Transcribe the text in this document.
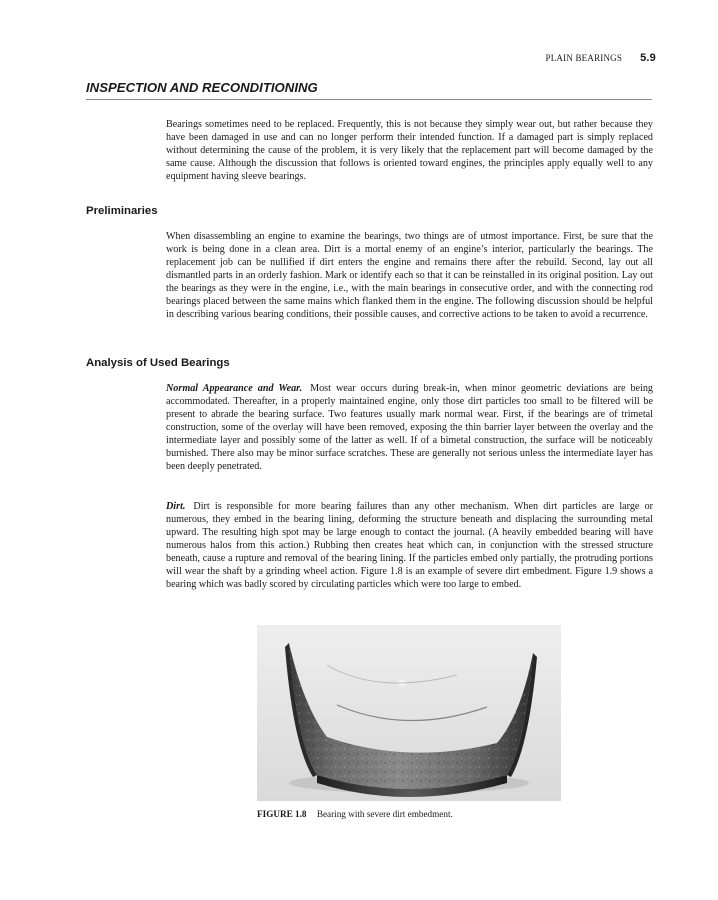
PLAIN BEARINGS 5.9
INSPECTION AND RECONDITIONING

Bearings sometimes need to be replaced. Frequently, this is not because they simply wear out, but rather because they have been damaged in use and can no longer perform their intended function. If a damaged part is simply replaced without determining the cause of the problem, it is very likely that the replacement part will become damaged by the same cause. Although the discussion that follows is oriented toward engines, the principles apply equally well to any equipment having sleeve bearings.

Preliminaries

When disassembling an engine to examine the bearings, two things are of utmost importance. First, be sure that the work is being done in a clean area. Dirt is a mortal enemy of an engine’s interior, particularly the bearings. The replacement job can be nullified if dirt enters the engine and remains there after the rebuild. Second, lay out all dismantled parts in an orderly fashion. Mark or identify each so that it can be reinstalled in its original position. Lay out the bearings as they were in the engine, i.e., with the main bearings in consecutive order, and with the connecting rod bearings placed between the same mains which flanked them in the engine. The following discussion should be helpful in describing various bearing conditions, their possible causes, and corrective actions to be taken to avoid a recurrence.

Analysis of Used Bearings

Normal Appearance and Wear. Most wear occurs during break-in, when minor geometric deviations are being accommodated. Thereafter, in a properly maintained engine, only those dirt particles too small to be filtered will be present to abrade the bearing surface. Two features usually mark normal wear. First, if the bearings are of trimetal construction, some of the overlay will have been removed, exposing the thin barrier layer between the overlay and the intermediate layer and possibly some of the latter as well. If of a bimetal construction, the surface will be noticeably burnished. There also may be minor surface scratches. These are generally not serious unless the intermediate layer has been deeply penetrated.

Dirt. Dirt is responsible for more bearing failures than any other mechanism. When dirt particles are large or numerous, they embed in the bearing lining, deforming the structure beneath and displacing the surrounding metal upward. The resulting high spot may be large enough to contact the journal. (A heavily embedded bearing will have numerous halos from this action.) Rubbing then creates heat which can, in conjunction with the stressed structure beneath, cause a rupture and removal of the bearing lining. If the particles embed only partially, the protruding portions will wear the shaft by a grinding wheel action. Figure 1.8 is an example of severe dirt embedment. Figure 1.9 shows a bearing which was badly scored by circulating particles which were too large to embed.

FIGURE 1.8 Bearing with severe dirt embedment.
